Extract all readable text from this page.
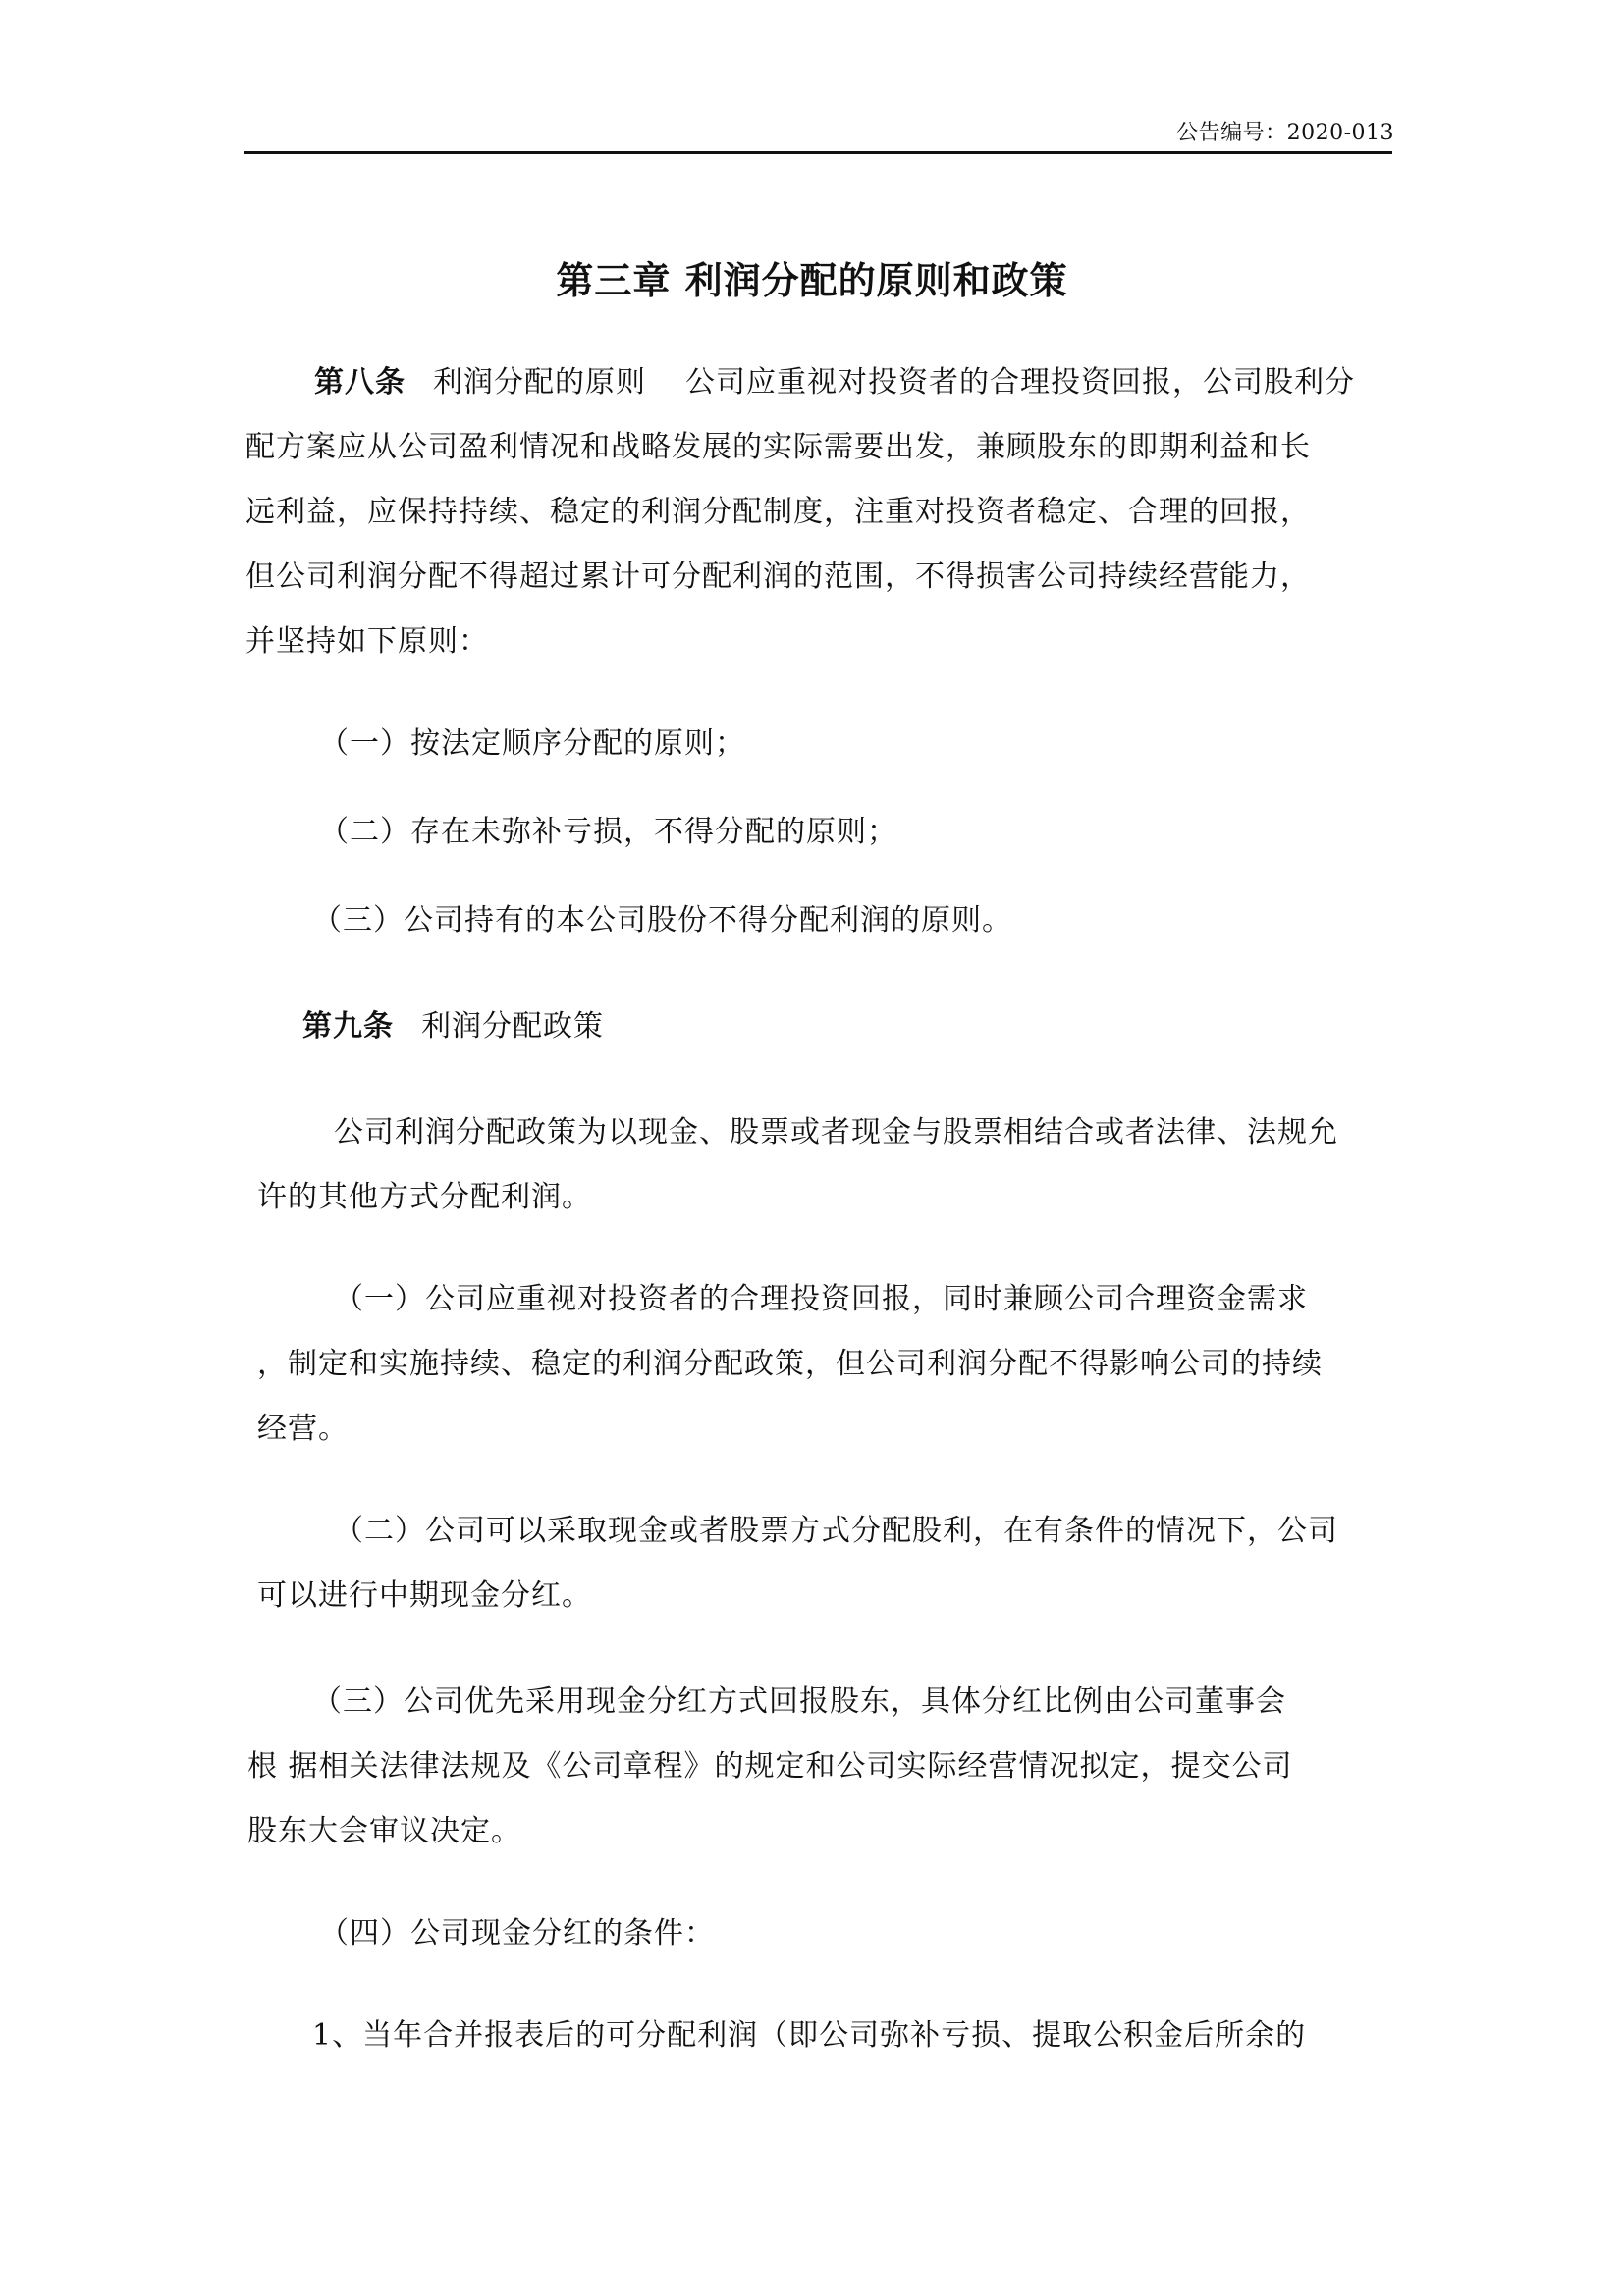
公告编号：2020-013
第三章 利润分配的原则和政策

第八条 利润分配的原则 公司应重视对投资者的合理投资回报，公司股利分

配方案应从公司盈利情况和战略发展的实际需要出发，兼顾股东的即期利益和长

远利益，应保持持续、稳定的利润分配制度，注重对投资者稳定、合理的回报，

但公司利润分配不得超过累计可分配利润的范围，不得损害公司持续经营能力，

并坚持如下原则：

（一）按法定顺序分配的原则；

（二）存在未弥补亏损，不得分配的原则；

（三）公司持有的本公司股份不得分配利润的原则。

第九条 利润分配政策

公司利润分配政策为以现金、股票或者现金与股票相结合或者法律、法规允

许的其他方式分配利润。

（一）公司应重视对投资者的合理投资回报，同时兼顾公司合理资金需求

，制定和实施持续、稳定的利润分配政策，但公司利润分配不得影响公司的持续

经营。

（二）公司可以采取现金或者股票方式分配股利，在有条件的情况下，公司

可以进行中期现金分红。

（三）公司优先采用现金分红方式回报股东，具体分红比例由公司董事会

根 据相关法律法规及《公司章程》的规定和公司实际经营情况拟定，提交公司

股东大会审议决定。

（四）公司现金分红的条件：

1、当年合并报表后的可分配利润（即公司弥补亏损、提取公积金后所余的
